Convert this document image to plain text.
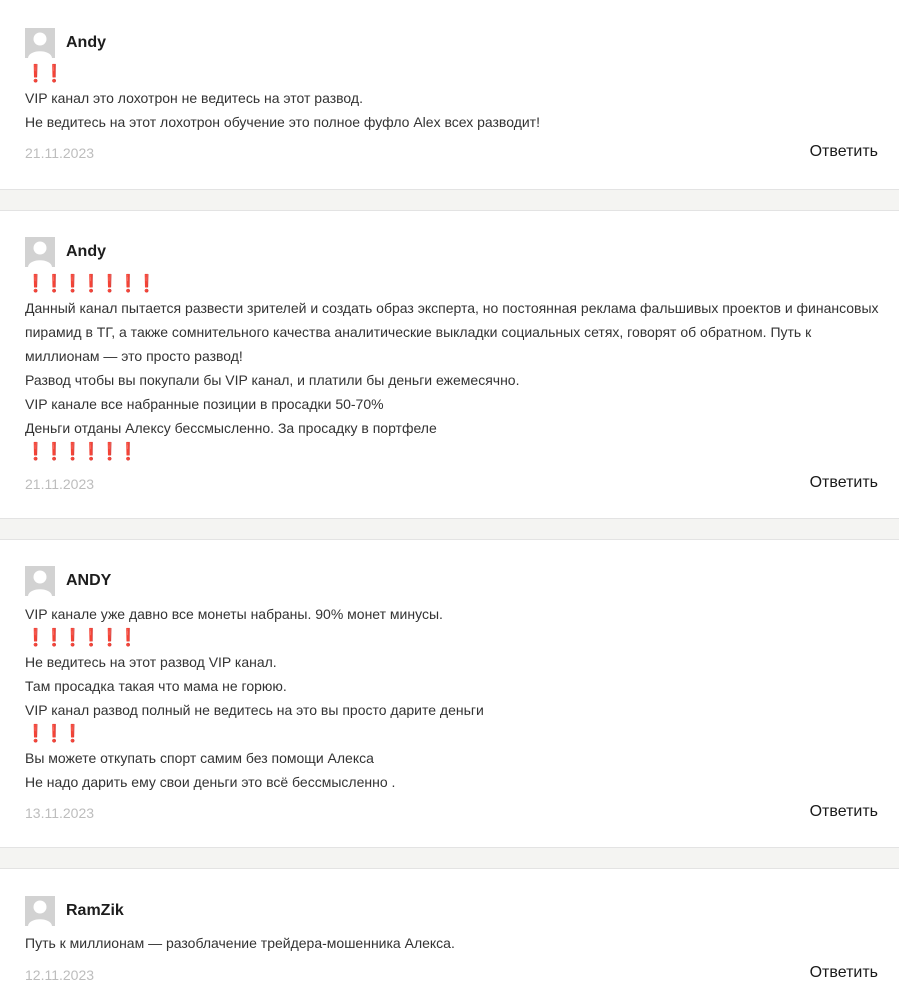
Andy
❗
❗
VIP канал это лохотрон не ведитесь на этот развод.
Не ведитесь на этот лохотрон обучение это полное фуфло Alex всех разводит!
21.11.2023	Ответить
Andy
❗
❗
❗
❗
❗
❗
❗
Данный канал пытается развести зрителей и создать образ эксперта, но постоянная реклама фальшивых проектов и финансовых пирамид в ТГ, а также сомнительного качества аналитические выкладки социальных сетях, говорят об обратном. Путь к миллионам — это просто развод!
Развод чтобы вы покупали бы VIP канал, и платили бы деньги ежемесячно.
VIP канале все набранные позиции в просадки 50-70%
Деньги отданы Алексу бессмысленно. За просадку в портфеле
❗
❗
❗
❗
❗
❗
21.11.2023	Ответить
ANDY
VIP канале уже давно все монеты набраны. 90% монет минусы.
❗
❗
❗
❗
❗
❗
Не ведитесь на этот развод VIP канал.
Там просадка такая что мама не горюю.
VIP канал развод полный не ведитесь на это вы просто дарите деньги
❗
❗
❗
Вы можете откупать спорт самим без помощи Алекса
Не надо дарить ему свои деньги это всё бессмысленно .
13.11.2023	Ответить
RamZik
Путь к миллионам — разоблачение трейдера-мошенника Алекса.
12.11.2023	Ответить
